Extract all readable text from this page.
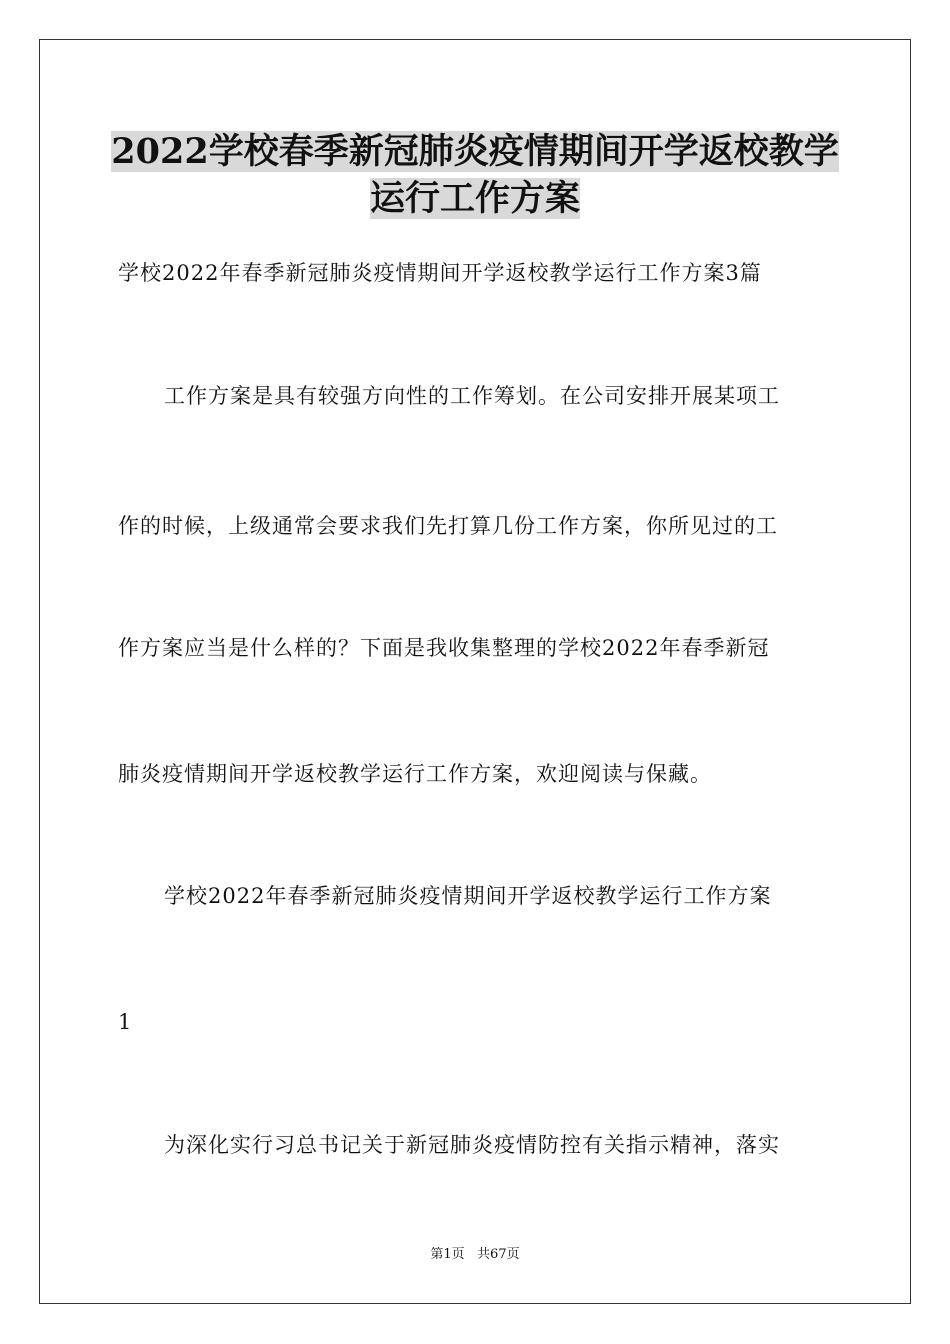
2022学校春季新冠肺炎疫情期间开学返校教学
运行工作方案
学校2022年春季新冠肺炎疫情期间开学返校教学运行工作方案3篇
工作方案是具有较强方向性的工作筹划。在公司安排开展某项工
作的时候，上级通常会要求我们先打算几份工作方案，你所见过的工
作方案应当是什么样的？下面是我收集整理的学校2022年春季新冠
肺炎疫情期间开学返校教学运行工作方案，欢迎阅读与保藏。
学校2022年春季新冠肺炎疫情期间开学返校教学运行工作方案
1
为深化实行习总书记关于新冠肺炎疫情防控有关指示精神，落实
第1页   共67页
